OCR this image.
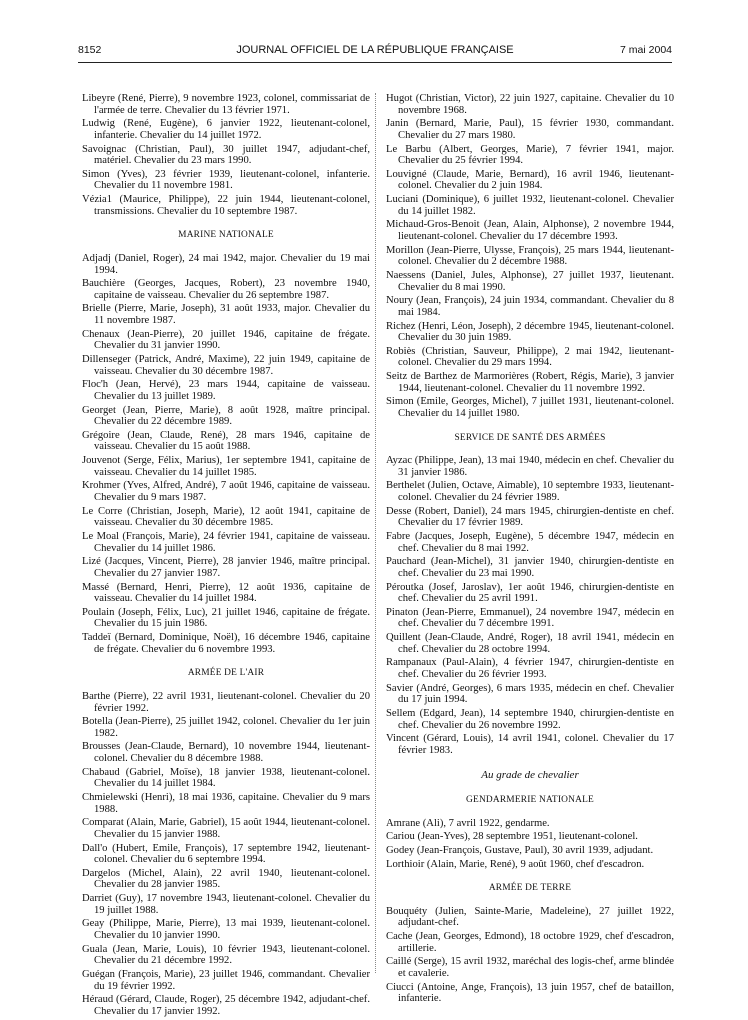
8152	JOURNAL OFFICIEL DE LA RÉPUBLIQUE FRANÇAISE	7 mai 2004
Libeyre (René, Pierre), 9 novembre 1923, colonel, commissariat de l'armée de terre. Chevalier du 13 février 1971.
Ludwig (René, Eugène), 6 janvier 1922, lieutenant-colonel, infanterie. Chevalier du 14 juillet 1972.
Savoignac (Christian, Paul), 30 juillet 1947, adjudant-chef, matériel. Chevalier du 23 mars 1990.
Simon (Yves), 23 février 1939, lieutenant-colonel, infanterie. Chevalier du 11 novembre 1981.
Vézia1 (Maurice, Philippe), 22 juin 1944, lieutenant-colonel, transmissions. Chevalier du 10 septembre 1987.
MARINE NATIONALE
Adjadj (Daniel, Roger), 24 mai 1942, major. Chevalier du 19 mai 1994.
Bauchière (Georges, Jacques, Robert), 23 novembre 1940, capitaine de vaisseau. Chevalier du 26 septembre 1987.
Brielle (Pierre, Marie, Joseph), 31 août 1933, major. Chevalier du 11 novembre 1987.
Chenaux (Jean-Pierre), 20 juillet 1946, capitaine de frégate. Chevalier du 31 janvier 1990.
Dillenseger (Patrick, André, Maxime), 22 juin 1949, capitaine de vaisseau. Chevalier du 30 décembre 1987.
Floc'h (Jean, Hervé), 23 mars 1944, capitaine de vaisseau. Chevalier du 13 juillet 1989.
Georget (Jean, Pierre, Marie), 8 août 1928, maître principal. Chevalier du 22 décembre 1989.
Grégoire (Jean, Claude, René), 28 mars 1946, capitaine de vaisseau. Chevalier du 15 août 1988.
Jouvenot (Serge, Félix, Marius), 1er septembre 1941, capitaine de vaisseau. Chevalier du 14 juillet 1985.
Krohmer (Yves, Alfred, André), 7 août 1946, capitaine de vaisseau. Chevalier du 9 mars 1987.
Le Corre (Christian, Joseph, Marie), 12 août 1941, capitaine de vaisseau. Chevalier du 30 décembre 1985.
Le Moal (François, Marie), 24 février 1941, capitaine de vaisseau. Chevalier du 14 juillet 1986.
Lizé (Jacques, Vincent, Pierre), 28 janvier 1946, maître principal. Chevalier du 27 janvier 1987.
Massé (Bernard, Henri, Pierre), 12 août 1936, capitaine de vaisseau. Chevalier du 14 juillet 1984.
Poulain (Joseph, Félix, Luc), 21 juillet 1946, capitaine de frégate. Chevalier du 15 juin 1986.
Taddeï (Bernard, Dominique, Noël), 16 décembre 1946, capitaine de frégate. Chevalier du 6 novembre 1993.
ARMÉE DE L'AIR
Barthe (Pierre), 22 avril 1931, lieutenant-colonel. Chevalier du 20 février 1992.
Botella (Jean-Pierre), 25 juillet 1942, colonel. Chevalier du 1er juin 1982.
Brousses (Jean-Claude, Bernard), 10 novembre 1944, lieutenant-colonel. Chevalier du 8 décembre 1988.
Chabaud (Gabriel, Moïse), 18 janvier 1938, lieutenant-colonel. Chevalier du 14 juillet 1984.
Chmielewski (Henri), 18 mai 1936, capitaine. Chevalier du 9 mars 1988.
Comparat (Alain, Marie, Gabriel), 15 août 1944, lieutenant-colonel. Chevalier du 15 janvier 1988.
Dall'o (Hubert, Emile, François), 17 septembre 1942, lieutenant-colonel. Chevalier du 6 septembre 1994.
Dargelos (Michel, Alain), 22 avril 1940, lieutenant-colonel. Chevalier du 28 janvier 1985.
Darriet (Guy), 17 novembre 1943, lieutenant-colonel. Chevalier du 19 juillet 1988.
Geay (Philippe, Marie, Pierre), 13 mai 1939, lieutenant-colonel. Chevalier du 10 janvier 1990.
Guala (Jean, Marie, Louis), 10 février 1943, lieutenant-colonel. Chevalier du 21 décembre 1992.
Guégan (François, Marie), 23 juillet 1946, commandant. Chevalier du 19 février 1992.
Héraud (Gérard, Claude, Roger), 25 décembre 1942, adjudant-chef. Chevalier du 17 janvier 1992.
Hugot (Christian, Victor), 22 juin 1927, capitaine. Chevalier du 10 novembre 1968.
Janin (Bernard, Marie, Paul), 15 février 1930, commandant. Chevalier du 27 mars 1980.
Le Barbu (Albert, Georges, Marie), 7 février 1941, major. Chevalier du 25 février 1994.
Louvigné (Claude, Marie, Bernard), 16 avril 1946, lieutenant-colonel. Chevalier du 2 juin 1984.
Luciani (Dominique), 6 juillet 1932, lieutenant-colonel. Chevalier du 14 juillet 1982.
Michaud-Gros-Benoit (Jean, Alain, Alphonse), 2 novembre 1944, lieutenant-colonel. Chevalier du 17 décembre 1993.
Morillon (Jean-Pierre, Ulysse, François), 25 mars 1944, lieutenant-colonel. Chevalier du 2 décembre 1988.
Naessens (Daniel, Jules, Alphonse), 27 juillet 1937, lieutenant. Chevalier du 8 mai 1990.
Noury (Jean, François), 24 juin 1934, commandant. Chevalier du 8 mai 1984.
Richez (Henri, Léon, Joseph), 2 décembre 1945, lieutenant-colonel. Chevalier du 30 juin 1989.
Robiès (Christian, Sauveur, Philippe), 2 mai 1942, lieutenant-colonel. Chevalier du 29 mars 1994.
Seitz de Barthez de Marmorières (Robert, Régis, Marie), 3 janvier 1944, lieutenant-colonel. Chevalier du 11 novembre 1992.
Simon (Emile, Georges, Michel), 7 juillet 1931, lieutenant-colonel. Chevalier du 14 juillet 1980.
SERVICE DE SANTÉ DES ARMÉES
Ayzac (Philippe, Jean), 13 mai 1940, médecin en chef. Chevalier du 31 janvier 1986.
Berthelet (Julien, Octave, Aimable), 10 septembre 1933, lieutenant-colonel. Chevalier du 24 février 1989.
Desse (Robert, Daniel), 24 mars 1945, chirurgien-dentiste en chef. Chevalier du 17 février 1989.
Fabre (Jacques, Joseph, Eugène), 5 décembre 1947, médecin en chef. Chevalier du 8 mai 1992.
Pauchard (Jean-Michel), 31 janvier 1940, chirurgien-dentiste en chef. Chevalier du 23 mai 1990.
Péroutka (Josef, Jaroslav), 1er août 1946, chirurgien-dentiste en chef. Chevalier du 25 avril 1991.
Pinaton (Jean-Pierre, Emmanuel), 24 novembre 1947, médecin en chef. Chevalier du 7 décembre 1991.
Quillent (Jean-Claude, André, Roger), 18 avril 1941, médecin en chef. Chevalier du 28 octobre 1994.
Rampanaux (Paul-Alain), 4 février 1947, chirurgien-dentiste en chef. Chevalier du 26 février 1993.
Savier (André, Georges), 6 mars 1935, médecin en chef. Chevalier du 17 juin 1994.
Sellem (Edgard, Jean), 14 septembre 1940, chirurgien-dentiste en chef. Chevalier du 26 novembre 1992.
Vincent (Gérard, Louis), 14 avril 1941, colonel. Chevalier du 17 février 1983.
Au grade de chevalier
GENDARMERIE NATIONALE
Amrane (Ali), 7 avril 1922, gendarme.
Cariou (Jean-Yves), 28 septembre 1951, lieutenant-colonel.
Godey (Jean-François, Gustave, Paul), 30 avril 1939, adjudant.
Lorthioir (Alain, Marie, René), 9 août 1960, chef d'escadron.
ARMÉE DE TERRE
Bouquéty (Julien, Sainte-Marie, Madeleine), 27 juillet 1922, adjudant-chef.
Cache (Jean, Georges, Edmond), 18 octobre 1929, chef d'escadron, artillerie.
Caillé (Serge), 15 avril 1932, maréchal des logis-chef, arme blindée et cavalerie.
Ciucci (Antoine, Ange, François), 13 juin 1957, chef de bataillon, infanterie.
